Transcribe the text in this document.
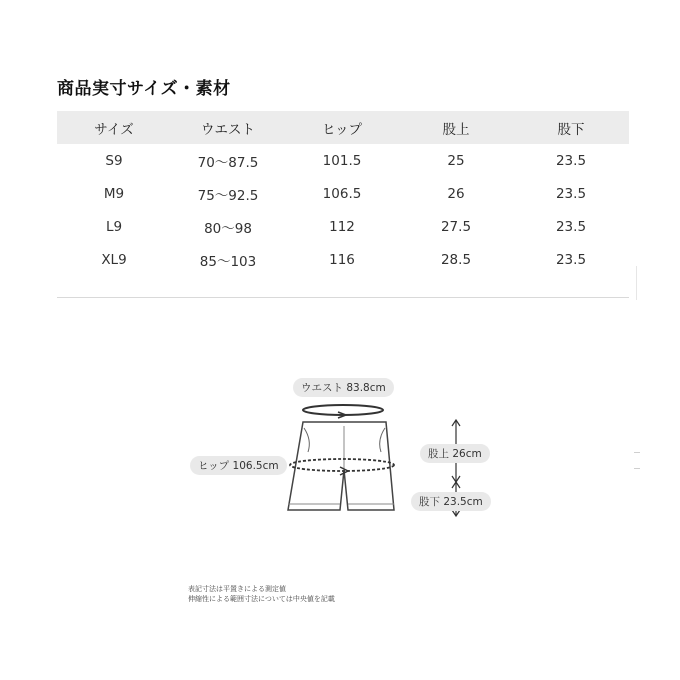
商品実寸サイズ・素材
サイズ	ウエスト	ヒップ	股上	股下
S9	70〜87.5	101.5	25	23.5
M9	75〜92.5	106.5	26	23.5
L9	80〜98	112	27.5	23.5
XL9	85〜103	116	28.5	23.5
ウエスト 83.8cm
ヒップ 106.5cm
股上 26cm
股下 23.5cm
表記寸法は平置きによる測定値
伸縮性による範囲寸法については中央値を記載
